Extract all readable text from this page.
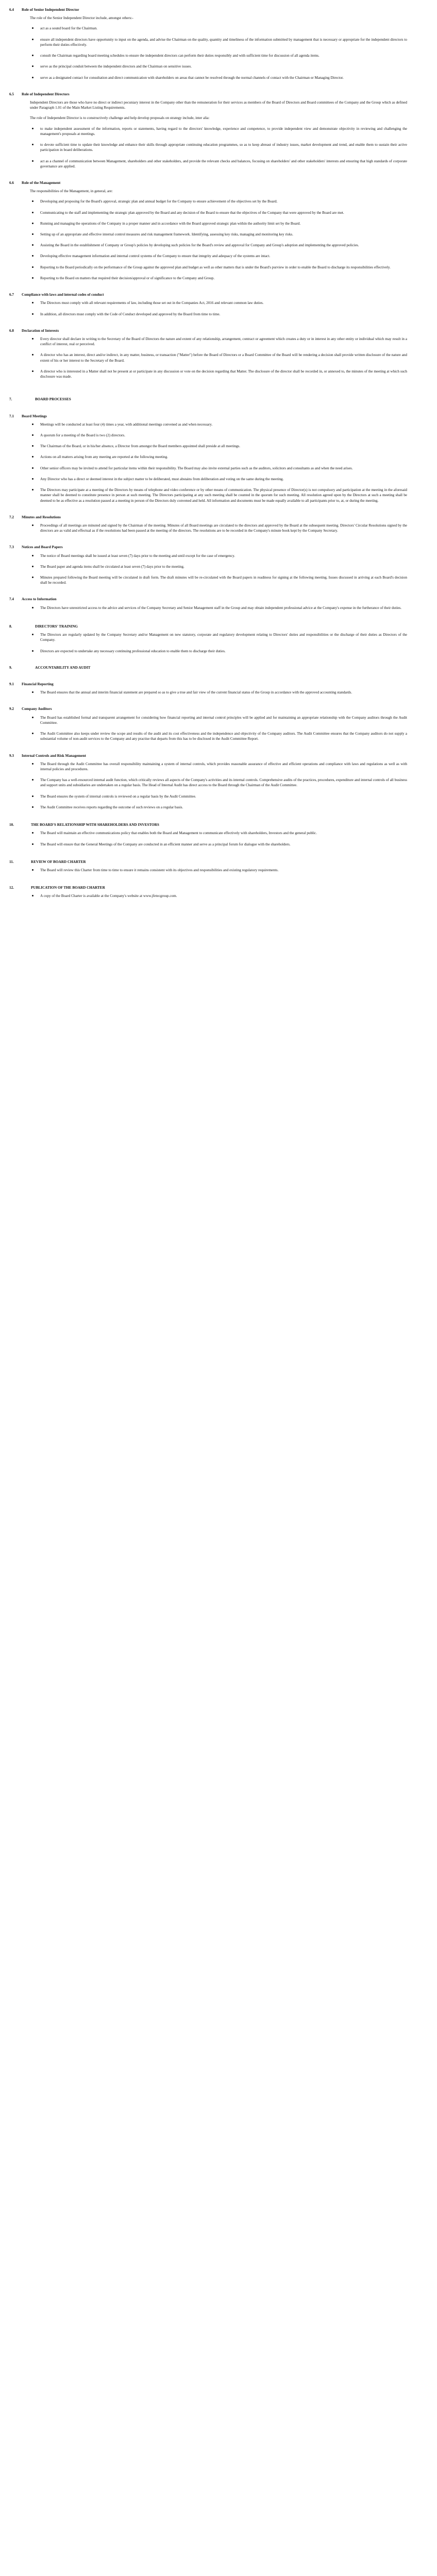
6.4	Role of Senior Independent Director

The role of the Senior Independent Director include, amongst others:-

act as a sound board for the Chairman.
ensure all independent directors have opportunity to input on the agenda, and advise the Chairman on the quality, quantity and timeliness of the information submitted by management that is necessary or appropriate for the independent directors to perform their duties effectively.
consult the Chairman regarding board meeting schedules to ensure the independent directors can perform their duties responsibly and with sufficient time for discussion of all agenda items.
serve as the principal conduit between the independent directors and the Chairman on sensitive issues.
serve as a designated contact for consultation and direct communication with shareholders on areas that cannot be resolved through the normal channels of contact with the Chairman or Managing Director.
6.5	Role of Independent Directors

Independent Directors are those who have no direct or indirect pecuniary interest in the Company other than the remuneration for their services as members of the Board of Directors and Board committees of the Company and the Group which as defined under Paragraph 1.01 of the Main Market Listing Requirements.

The role of Independent Director is to constructively challenge and help develop proposals on strategy include, inter alia:

to make independent assessment of the information, reports or statements, having regard to the directors' knowledge, experience and competence, to provide independent view and demonstrate objectivity in reviewing and challenging the management's proposals at meetings.
to devote sufficient time to update their knowledge and enhance their skills through appropriate continuing education programmes, so as to keep abreast of industry issues, market development and trend, and enable them to sustain their active participation in board deliberations.
act as a channel of communication between Management, shareholders and other stakeholders, and provide the relevant checks and balances, focusing on shareholders' and other stakeholders' interests and ensuring that high standards of corporate governance are applied.
6.6	Role of the Management

The responsibilities of the Management, in general, are:

Developing and proposing for the Board's approval, strategic plan and annual budget for the Company to ensure achievement of the objectives set by the Board.
Communicating to the staff and implementing the strategic plan approved by the Board and any decision of the Board to ensure that the objectives of the Company that were approved by the Board are met.
Running and managing the operations of the Company in a proper manner and in accordance with the Board approved strategic plan within the authority limit set by the Board.
Setting up of an appropriate and effective internal control measures and risk management framework. Identifying, assessing key risks, managing and monitoring key risks.
Assisting the Board in the establishment of Company or Group's policies by developing such policies for the Board's review and approval for Company and Group's adoption and implementing the approved policies.
Developing effective management information and internal control systems of the Company to ensure that integrity and adequacy of the systems are intact.
Reporting to the Board periodically on the performance of the Group against the approved plan and budget as well as other matters that is under the Board's purview in order to enable the Board to discharge its responsibilities effectively.
Reporting to the Board on matters that required their decision/approval or of significance to the Company and Group.
6.7	Compliance with laws and internal codes of conduct
The Directors must comply with all relevant requirements of law, including those set out in the Companies Act, 2016 and relevant common law duties.
In addition, all directors must comply with the Code of Conduct developed and approved by the Board from time to time.
6.8	Declaration of Interests
Every director shall declare in writing to the Secretary of the Board of Directors the nature and extent of any relationship, arrangement, contract or agreement which creates a duty or in interest in any other entity or individual which may result in a conflict of interest, real or perceived.
A director who has an interest, direct and/or indirect, in any matter, business, or transaction ("Matter") before the Board of Directors or a Board Committee of the Board will be rendering a decision shall provide written disclosure of the nature and extent of his or her interest to the Secretary of the Board.
A director who is interested in a Matter shall not be present at or participate in any discussion or vote on the decision regarding that Matter. The disclosure of the director shall be recorded in, or annexed to, the minutes of the meeting at which such disclosure was made.
7.	BOARD PROCESSES
7.1	Board Meetings
Meetings will be conducted at least four (4) times a year, with additional meetings convened as and when necessary.
A quorum for a meeting of the Board is two (2) directors.
The Chairman of the Board, or in his/her absence, a Director from amongst the Board members appointed shall preside at all meetings.
Actions on all matters arising from any meeting are reported at the following meeting.
Other senior officers may be invited to attend for particular items within their responsibility. The Board may also invite external parties such as the auditors, solicitors and consultants as and when the need arises.
Any Director who has a direct or deemed interest in the subject matter to be deliberated, must abstains from deliberation and voting on the same during the meeting.
The Directors may participate at a meeting of the Directors by means of telephone and video conference or by other means of communication. The physical presence of Director(s) is not compulsory and participation at the meeting in the aforesaid manner shall be deemed to constitute presence in person at such meeting. The Directors participating at any such meeting shall be counted in the quorum for such meeting. All resolution agreed upon by the Directors at such a meeting shall be deemed to be as effective as a resolution passed at a meeting in person of the Directors duly convened and held. All information and documents must be made equally available to all participants prior to, at, or during the meeting.
7.2	Minutes and Resolutions
Proceedings of all meetings are minuted and signed by the Chairman of the meeting. Minutes of all Board meetings are circulated to the directors and approved by the Board at the subsequent meeting. Directors' Circular Resolutions signed by the directors are as valid and effectual as if the resolutions had been passed at the meeting of the directors. The resolutions are to be recorded in the Company's minute book kept by the Company Secretary.
7.3	Notices and Board Papers
The notice of Board meetings shall be issued at least seven (7) days prior to the meeting and until except for the case of emergency.
The Board paper and agenda items shall be circulated at least seven (7) days prior to the meeting.
Minutes prepared following the Board meeting will be circulated in draft form. The draft minutes will be re-circulated with the Board papers in readiness for signing at the following meeting. Issues discussed in arriving at each Board's decision shall be recorded.
7.4	Access to Information
The Directors have unrestricted access to the advice and services of the Company Secretary and Senior Management staff in the Group and may obtain independent professional advice at the Company's expense in the furtherance of their duties.
8.	DIRECTORS' TRAINING
The Directors are regularly updated by the Company Secretary and/or Management on new statutory, corporate and regulatory development relating to Directors' duties and responsibilities or the discharge of their duties as Directors of the Company.
Directors are expected to undertake any necessary continuing professional education to enable them to discharge their duties.
9.	ACCOUNTABILITY AND AUDIT
9.1	Financial Reporting
The Board ensures that the annual and interim financial statement are prepared so as to give a true and fair view of the current financial status of the Group in accordance with the approved accounting standards.
9.2	Company Auditors
The Board has established formal and transparent arrangement for considering how financial reporting and internal control principles will be applied and for maintaining an appropriate relationship with the Company auditors through the Audit Committee.
The Audit Committee also keeps under review the scope and results of the audit and its cost effectiveness and the independence and objectivity of the Company auditors. The Audit Committee ensures that the Company auditors do not supply a substantial volume of non-audit services to the Company and any practise that departs from this has to be disclosed in the Audit Committee Report.
9.3	Internal Controls and Risk Management
The Board through the Audit Committee has overall responsibility maintaining a system of internal controls, which provides reasonable assurance of effective and efficient operations and compliance with laws and regulations as well as with internal policies and procedures.
The Company has a well-resourced internal audit function, which critically reviews all aspects of the Company's activities and its internal controls. Comprehensive audits of the practices, procedures, expenditure and internal controls of all business and support units and subsidiaries are undertaken on a regular basis. The Head of Internal Audit has direct access to the Board through the Chairman of the Audit Committee.
The Board ensures the system of internal controls is reviewed on a regular basis by the Audit Committee.
The Audit Committee receives reports regarding the outcome of such reviews on a regular basis.
10.	THE BOARD'S RELATIONSHIP WITH SHAREHOLDERS AND INVESTORS
The Board will maintain an effective communications policy that enables both the Board and Management to communicate effectively with shareholders, Investors and the general public.
The Board will ensure that the General Meetings of the Company are conducted in an efficient manner and serve as a principal forum for dialogue with the shareholders.
11.	REVIEW OF BOARD CHARTER
The Board will review this Charter from time to time to ensure it remains consistent with its objectives and responsibilities and existing regulatory requirements.
12.	PUBLICATION OF THE BOARD CHARTER
A copy of the Board Charter is available at the Company's website at www.jfetecgroup.com.
